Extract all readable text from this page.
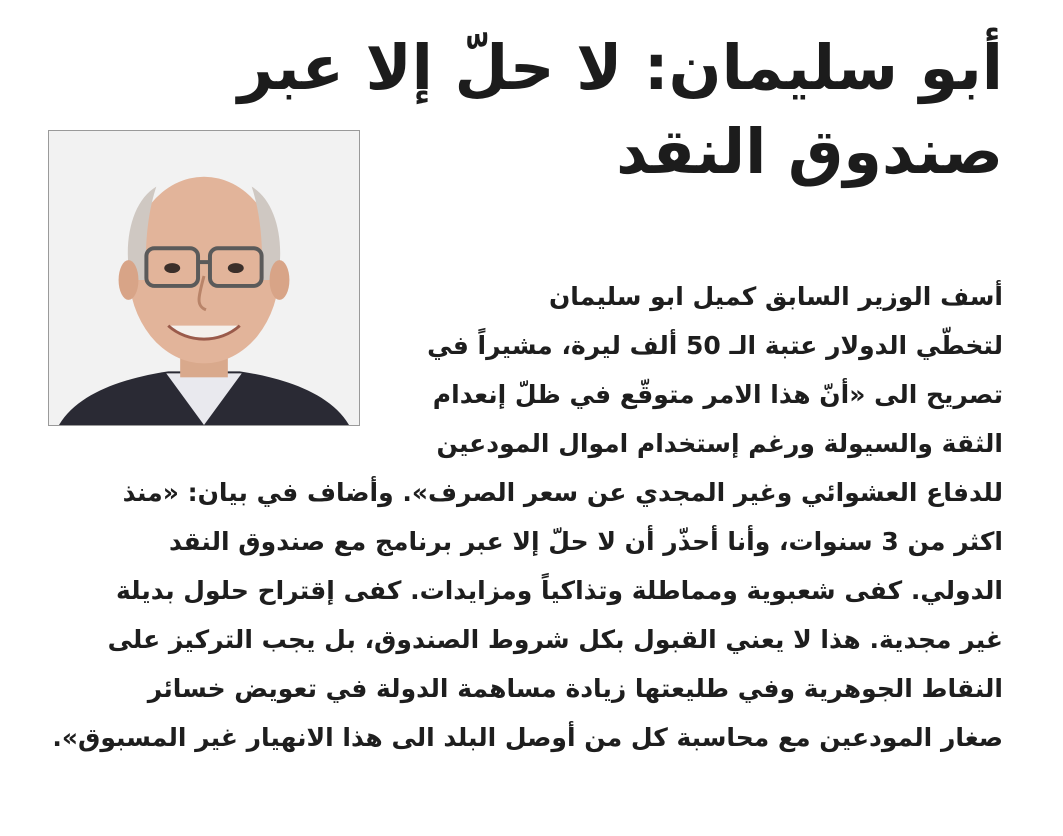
أبو سليمان: لا حلّ إلا عبر
صندوق النقد
أسف الوزير السابق كميل ابو سليمان
لتخطّي الدولار عتبة الـ 50 ألف ليرة، مشيراً في
تصريح الى «أنّ هذا الامر متوقّع في ظلّ إنعدام
الثقة والسيولة ورغم إستخدام اموال المودعين
للدفاع العشوائي وغير المجدي عن سعر الصرف». وأضاف في بيان: «منذ
اكثر من 3 سنوات، وأنا أحذّر أن لا حلّ إلا عبر برنامج مع صندوق النقد
الدولي. كفى شعبوية ومماطلة وتذاكياً ومزايدات. كفى إقتراح حلول بديلة
غير مجدية. هذا لا يعني القبول بكل شروط الصندوق، بل يجب التركيز على
النقاط الجوهرية وفي طليعتها زيادة مساهمة الدولة في تعويض خسائر
صغار المودعين مع محاسبة كل من أوصل البلد الى هذا الانهيار غير المسبوق».
